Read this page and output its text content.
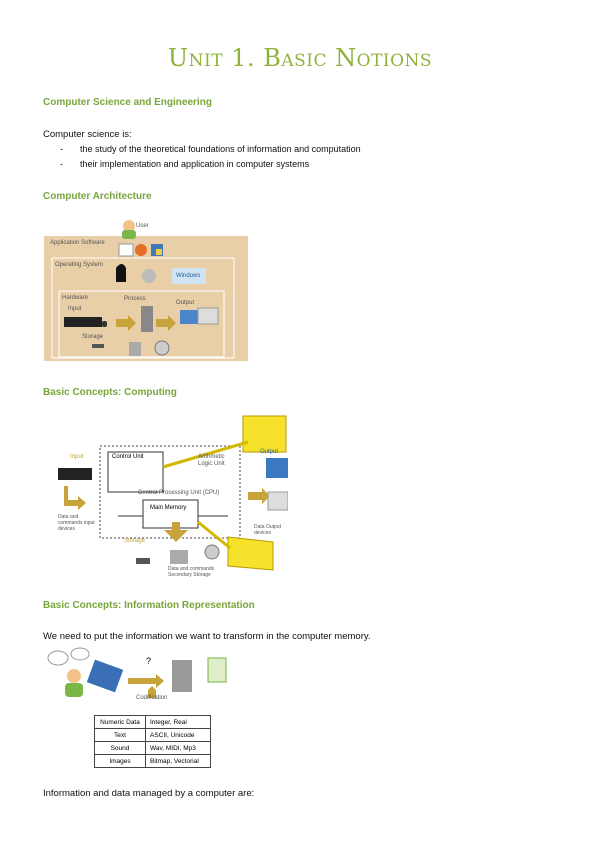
Unit 1. Basic Notions
Computer Science and Engineering
Computer science is:
- the study of the theoretical foundations of information and computation
- their implementation and application in computer systems
Computer Architecture
User
Application Software
Operating System
Windows
Hardware
Input
Process
Output
Storage
Basic Concepts: Computing
Input
Output
Control Unit	Arithmetic Logic Unit
Central Processing Unit (CPU)
Main Memory
Storage
Data and commands input devices
Data and commands Secondary Storage
Data Output devices
Basic Concepts: Information Representation
We need to put the information we want to transform in the computer memory.
?
Codification
Numeric Data	Integer, Real
Text	ASCII, Unicode
Sound	Wav, MIDI, Mp3
Images	Bitmap, Vectorial
Information and data managed by a computer are:
